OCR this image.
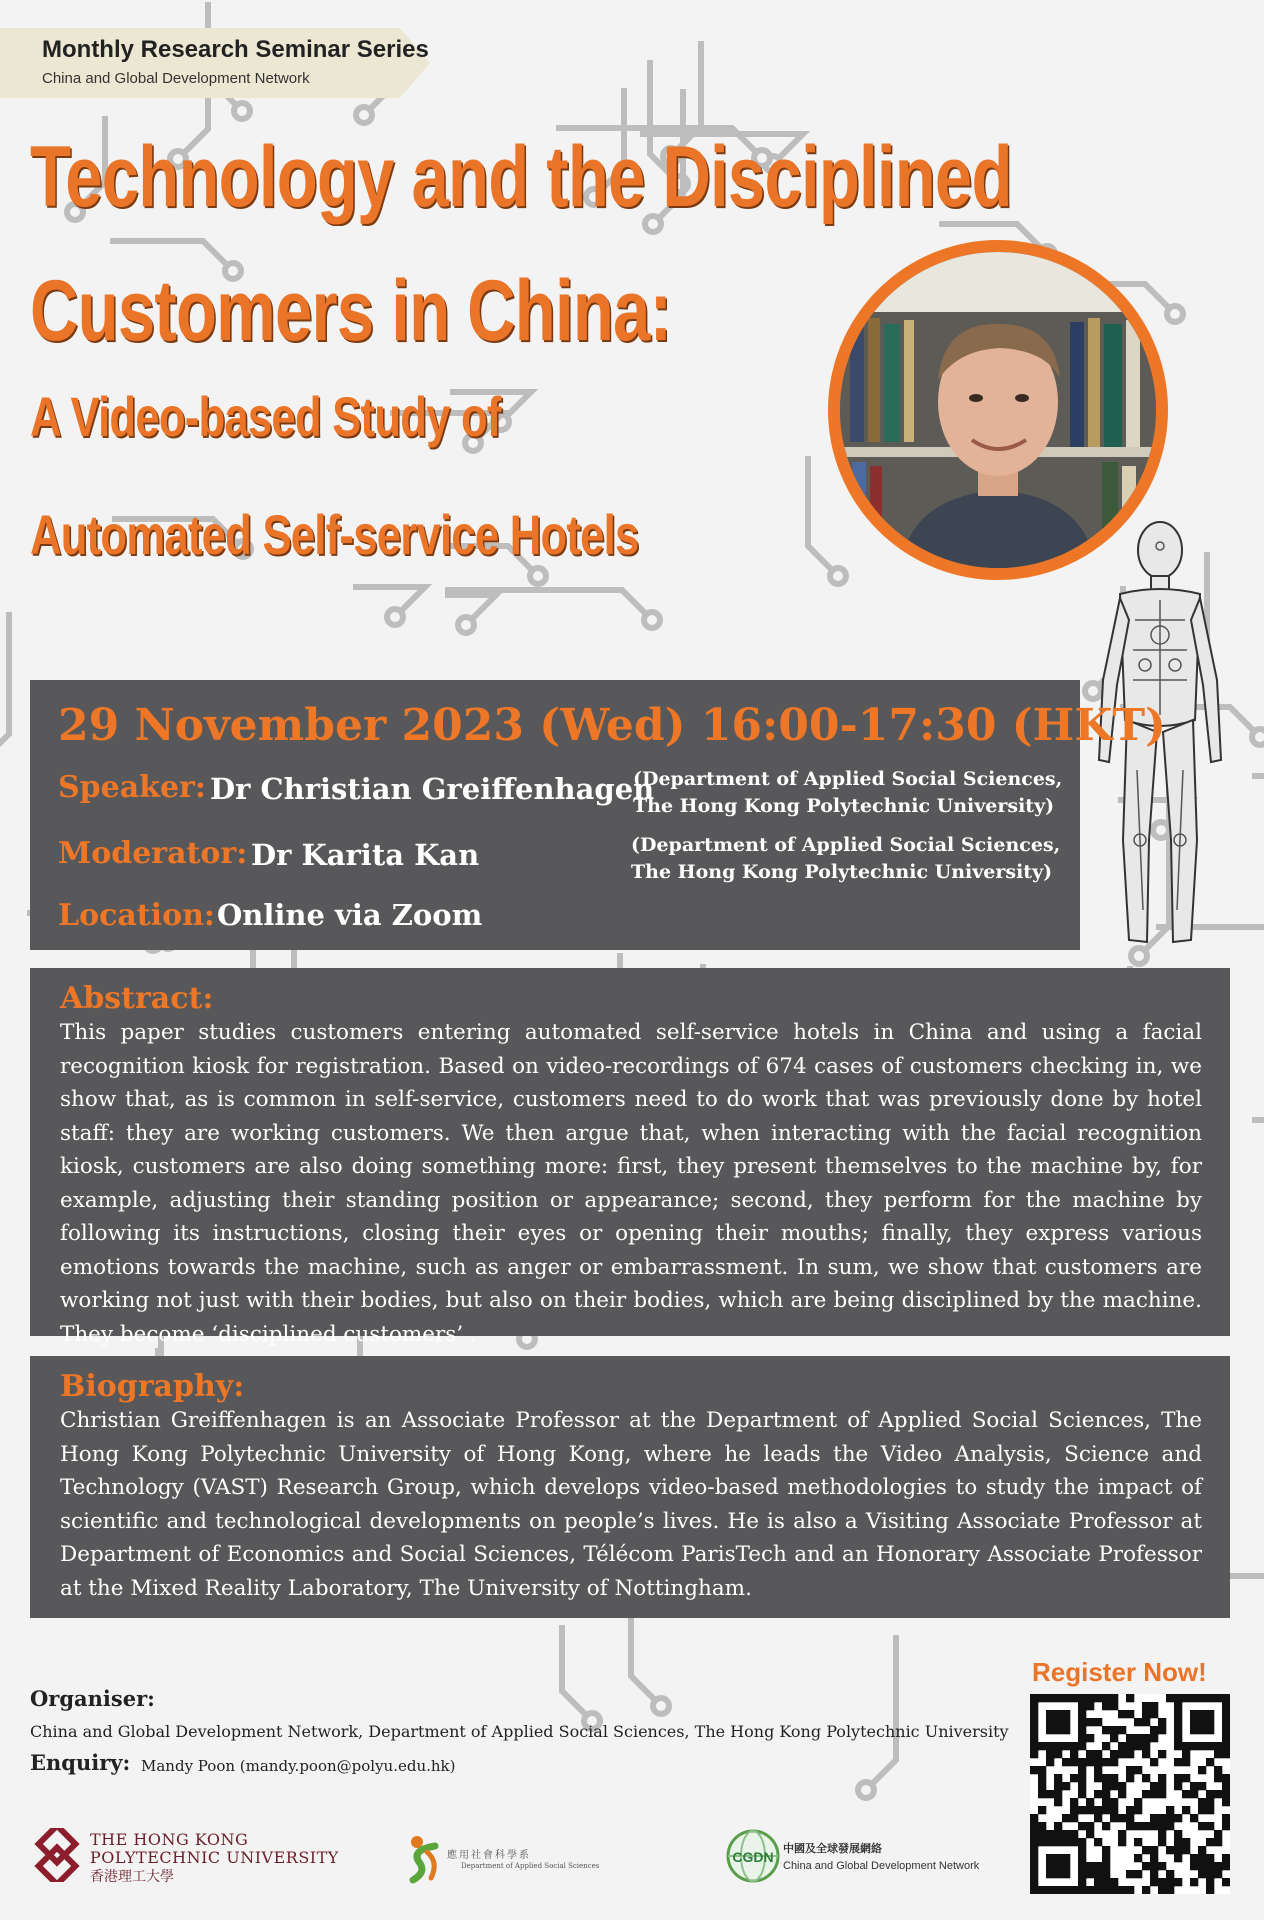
Monthly Research Seminar Series
China and Global Development Network
Technology and the Disciplined
Customers in China:
A Video-based Study of
Automated Self-service Hotels
29 November 2023 (Wed) 16:00-17:30 (HKT)
Speaker: Dr Christian Greiffenhagen
(Department of Applied Social Sciences,
The Hong Kong Polytechnic University)
Moderator: Dr Karita Kan	(Department of Applied Social Sciences,
The Hong Kong Polytechnic University)
Location: Online via Zoom
Abstract:

This paper studies customers entering automated self-service hotels in China and using a facial recognition kiosk for registration. Based on video-recordings of 674 cases of customers checking in, we show that, as is common in self-service, customers need to do work that was previously done by hotel staff: they are working customers. We then argue that, when interacting with the facial recognition kiosk, customers are also doing something more: first, they present themselves to the machine by, for example, adjusting their standing position or appearance; second, they perform for the machine by following its instructions, closing their eyes or opening their mouths; finally, they express various emotions towards the machine, such as anger or embarrassment. In sum, we show that customers are working not just with their bodies, but also on their bodies, which are being disciplined by the machine. They become ‘disciplined customers’ .

Biography:

Christian Greiffenhagen is an Associate Professor at the Department of Applied Social Sciences, The Hong Kong Polytechnic University of Hong Kong, where he leads the Video Analysis, Science and Technology (VAST) Research Group, which develops video-based methodologies to study the impact of scientific and technological developments on people’s lives. He is also a Visiting Associate Professor at Department of Economics and Social Sciences, Télécom ParisTech and an Honorary Associate Professor at the Mixed Reality Laboratory, The University of Nottingham.

Organiser:
China and Global Development Network, Department of Applied Social Sciences, The Hong Kong Polytechnic University
Enquiry: Mandy Poon (mandy.poon@polyu.edu.hk)
Register Now!
THE HONG KONG
POLYTECHNIC UNIVERSITY
香港理工大學
應用社會科學系
Department of Applied Social Sciences
CGDN
中國及全球發展網絡
China and Global Development Network
